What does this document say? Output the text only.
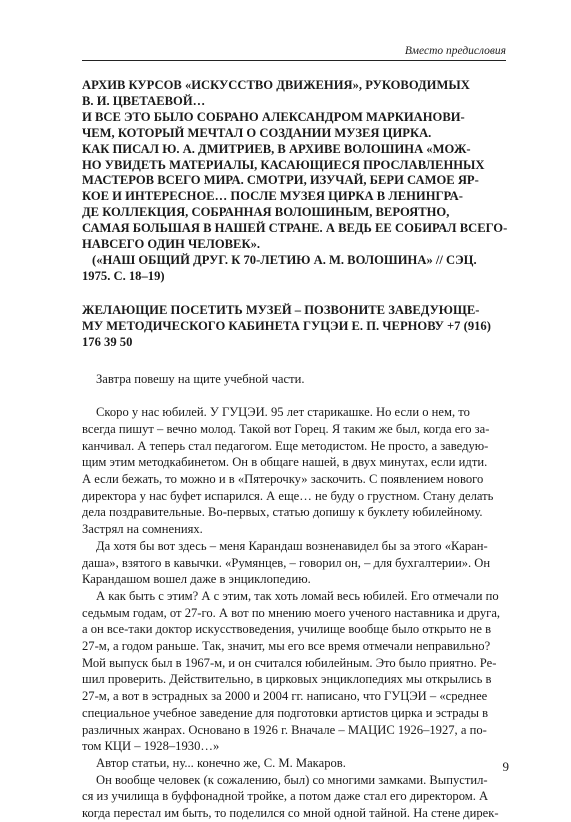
Вместо предисловия
АРХИВ КУРСОВ «ИСКУССТВО ДВИЖЕНИЯ», РУКОВОДИМЫХ
В. И. ЦВЕТАЕВОЙ…
И ВСЕ ЭТО БЫЛО СОБРАНО АЛЕКСАНДРОМ МАРКИАНОВИ-
ЧЕМ, КОТОРЫЙ МЕЧТАЛ О СОЗДАНИИ МУЗЕЯ ЦИРКА.
КАК ПИСАЛ Ю. А. ДМИТРИЕВ, В АРХИВЕ ВОЛОШИНА «МОЖ-
НО УВИДЕТЬ МАТЕРИАЛЫ, КАСАЮЩИЕСЯ ПРОСЛАВЛЕННЫХ
МАСТЕРОВ ВСЕГО МИРА. СМОТРИ, ИЗУЧАЙ, БЕРИ САМОЕ ЯР-
КОЕ И ИНТЕРЕСНОЕ… ПОСЛЕ МУЗЕЯ ЦИРКА В ЛЕНИНГРА-
ДЕ КОЛЛЕКЦИЯ, СОБРАННАЯ ВОЛОШИНЫМ, ВЕРОЯТНО,
САМАЯ БОЛЬШАЯ В НАШЕЙ СТРАНЕ. А ВЕДЬ ЕЕ СОБИРАЛ ВСЕГО-
НАВСЕГО ОДИН ЧЕЛОВЕК».
(«НАШ ОБЩИЙ ДРУГ. К 70-ЛЕТИЮ А. М. ВОЛОШИНА» // СЭЦ.
1975. С. 18–19)
ЖЕЛАЮЩИЕ ПОСЕТИТЬ МУЗЕЙ – ПОЗВОНИТЕ ЗАВЕДУЮЩЕ-
МУ МЕТОДИЧЕСКОГО КАБИНЕТА ГУЦЭИ Е. П. ЧЕРНОВУ +7 (916)
176 39 50
Завтра повешу на щите учебной части.
Скоро у нас юбилей. У ГУЦЭИ. 95 лет старикашке. Но если о нем, то
всегда пишут – вечно молод. Такой вот Горец. Я таким же был, когда его за-
канчивал. А теперь стал педагогом. Еще методистом. Не просто, а заведую-
щим этим методкабинетом. Он в общаге нашей, в двух минутах, если идти.
А если бежать, то можно и в «Пятерочку» заскочить. С появлением нового
директора у нас буфет испарился. А еще… не буду о грустном. Стану делать
дела поздравительные. Во-первых, статью допишу к буклету юбилейному.
Застрял на сомнениях.
Да хотя бы вот здесь – меня Карандаш возненавидел бы за этого «Каран-
даша», взятого в кавычки. «Румянцев, – говорил он, – для бухгалтерии». Он
Карандашом вошел даже в энциклопедию.
А как быть с этим? А с этим, так хоть ломай весь юбилей. Его отмечали по
седьмым годам, от 27-го. А вот по мнению моего ученого наставника и друга,
а он все-таки доктор искусствоведения, училище вообще было открыто не в
27-м, а годом раньше. Так, значит, мы его все время отмечали неправильно?
Мой выпуск был в 1967-м, и он считался юбилейным. Это было приятно. Ре-
шил проверить. Действительно, в цирковых энциклопедиях мы открылись в
27-м, а вот в эстрадных за 2000 и 2004 гг. написано, что ГУЦЭИ – «среднее
специальное учебное заведение для подготовки артистов цирка и эстрады в
различных жанрах. Основано в 1926 г. Вначале – МАЦИС 1926–1927, а по-
том КЦИ – 1928–1930…»
Автор статьи, ну... конечно же, С. М. Макаров.
Он вообще человек (к сожалению, был) со многими замками. Выпустил-
ся из училища в буффонадной тройке, а потом даже стал его директором. А
когда перестал им быть, то поделился со мной одной тайной. На стене дирек-
9
